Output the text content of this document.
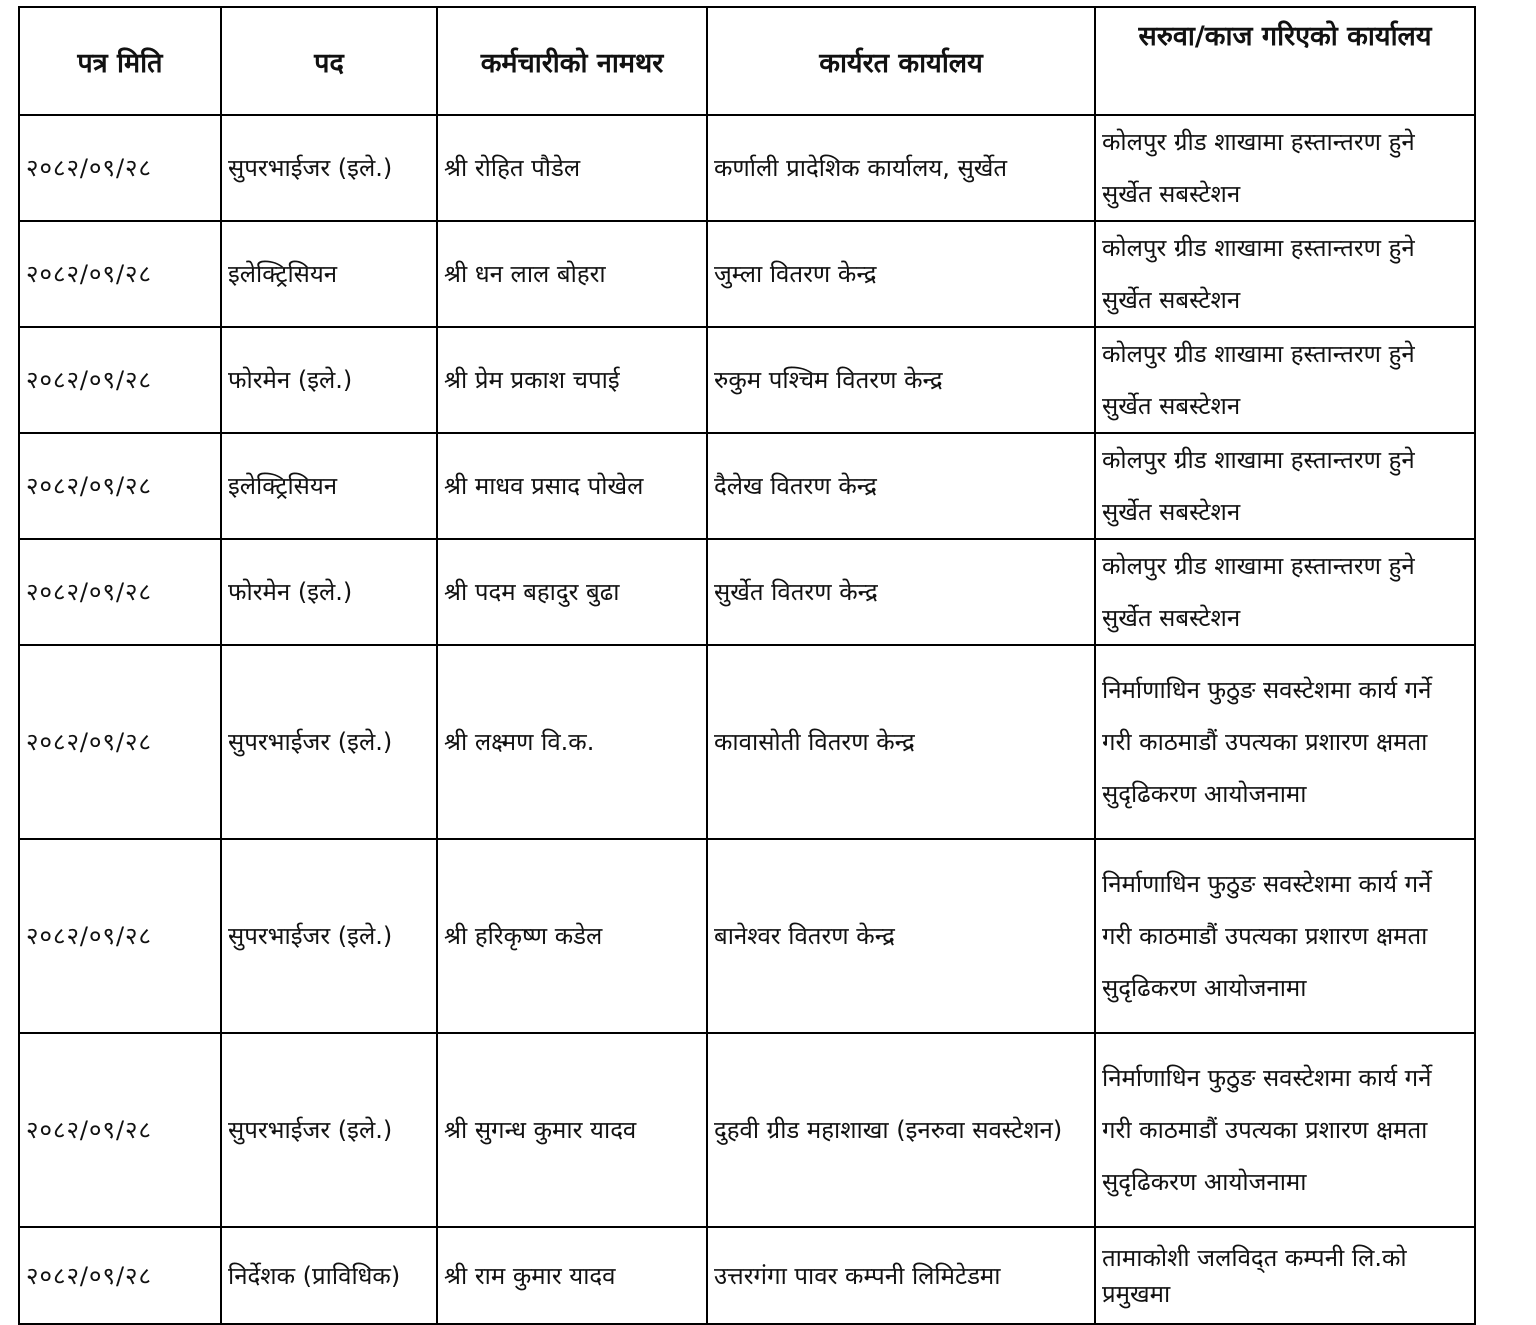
पत्र मिति	पद	कर्मचारीको नामथर	कार्यरत कार्यालय	सरुवा/काज गरिएको कार्यालय
२०८२/०९/२८	सुपरभाईजर (इले.)	श्री रोहित पौडेल	कर्णाली प्रादेशिक कार्यालय, सुर्खेत	कोलपुर ग्रीड शाखामा हस्तान्तरण हुने सुर्खेत सबस्टेशन
२०८२/०९/२८	इलेक्ट्रिसियन	श्री धन लाल बोहरा	जुम्ला वितरण केन्द्र	कोलपुर ग्रीड शाखामा हस्तान्तरण हुने सुर्खेत सबस्टेशन
२०८२/०९/२८	फोरमेन (इले.)	श्री प्रेम प्रकाश चपाई	रुकुम पश्चिम वितरण केन्द्र	कोलपुर ग्रीड शाखामा हस्तान्तरण हुने सुर्खेत सबस्टेशन
२०८२/०९/२८	इलेक्ट्रिसियन	श्री माधव प्रसाद पोखेल	दैलेख वितरण केन्द्र	कोलपुर ग्रीड शाखामा हस्तान्तरण हुने सुर्खेत सबस्टेशन
२०८२/०९/२८	फोरमेन (इले.)	श्री पदम बहादुर बुढा	सुर्खेत वितरण केन्द्र	कोलपुर ग्रीड शाखामा हस्तान्तरण हुने सुर्खेत सबस्टेशन
२०८२/०९/२८	सुपरभाईजर (इले.)	श्री लक्ष्मण वि.क.	कावासोती वितरण केन्द्र	निर्माणाधिन फुठुङ सवस्टेशमा कार्य गर्ने गरी काठमाडौं उपत्यका प्रशारण क्षमता सुदृढिकरण आयोजनामा
२०८२/०९/२८	सुपरभाईजर (इले.)	श्री हरिकृष्ण कडेल	बानेश्वर वितरण केन्द्र	निर्माणाधिन फुठुङ सवस्टेशमा कार्य गर्ने गरी काठमाडौं उपत्यका प्रशारण क्षमता सुदृढिकरण आयोजनामा
२०८२/०९/२८	सुपरभाईजर (इले.)	श्री सुगन्ध कुमार यादव	दुहवी ग्रीड महाशाखा (इनरुवा सवस्टेशन)	निर्माणाधिन फुठुङ सवस्टेशमा कार्य गर्ने गरी काठमाडौं उपत्यका प्रशारण क्षमता सुदृढिकरण आयोजनामा
२०८२/०९/२८	निर्देशक (प्राविधिक)	श्री राम कुमार यादव	उत्तरगंगा पावर कम्पनी लिमिटेडमा	तामाकोशी जलविद्त कम्पनी लि.को प्रमुखमा
